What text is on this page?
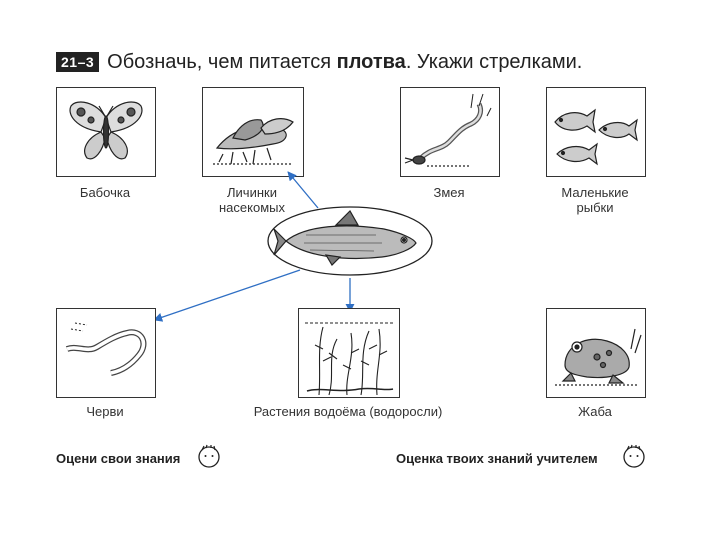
21–3 Обозначь, чем питается плотва. Укажи стрелками.
Бабочка	Личинки
насекомых
Змея	Маленькие
рыбки
Черви	Растения водоёма (водоросли)	Жаба
Оцени свои знания	Оценка твоих знаний учителем
